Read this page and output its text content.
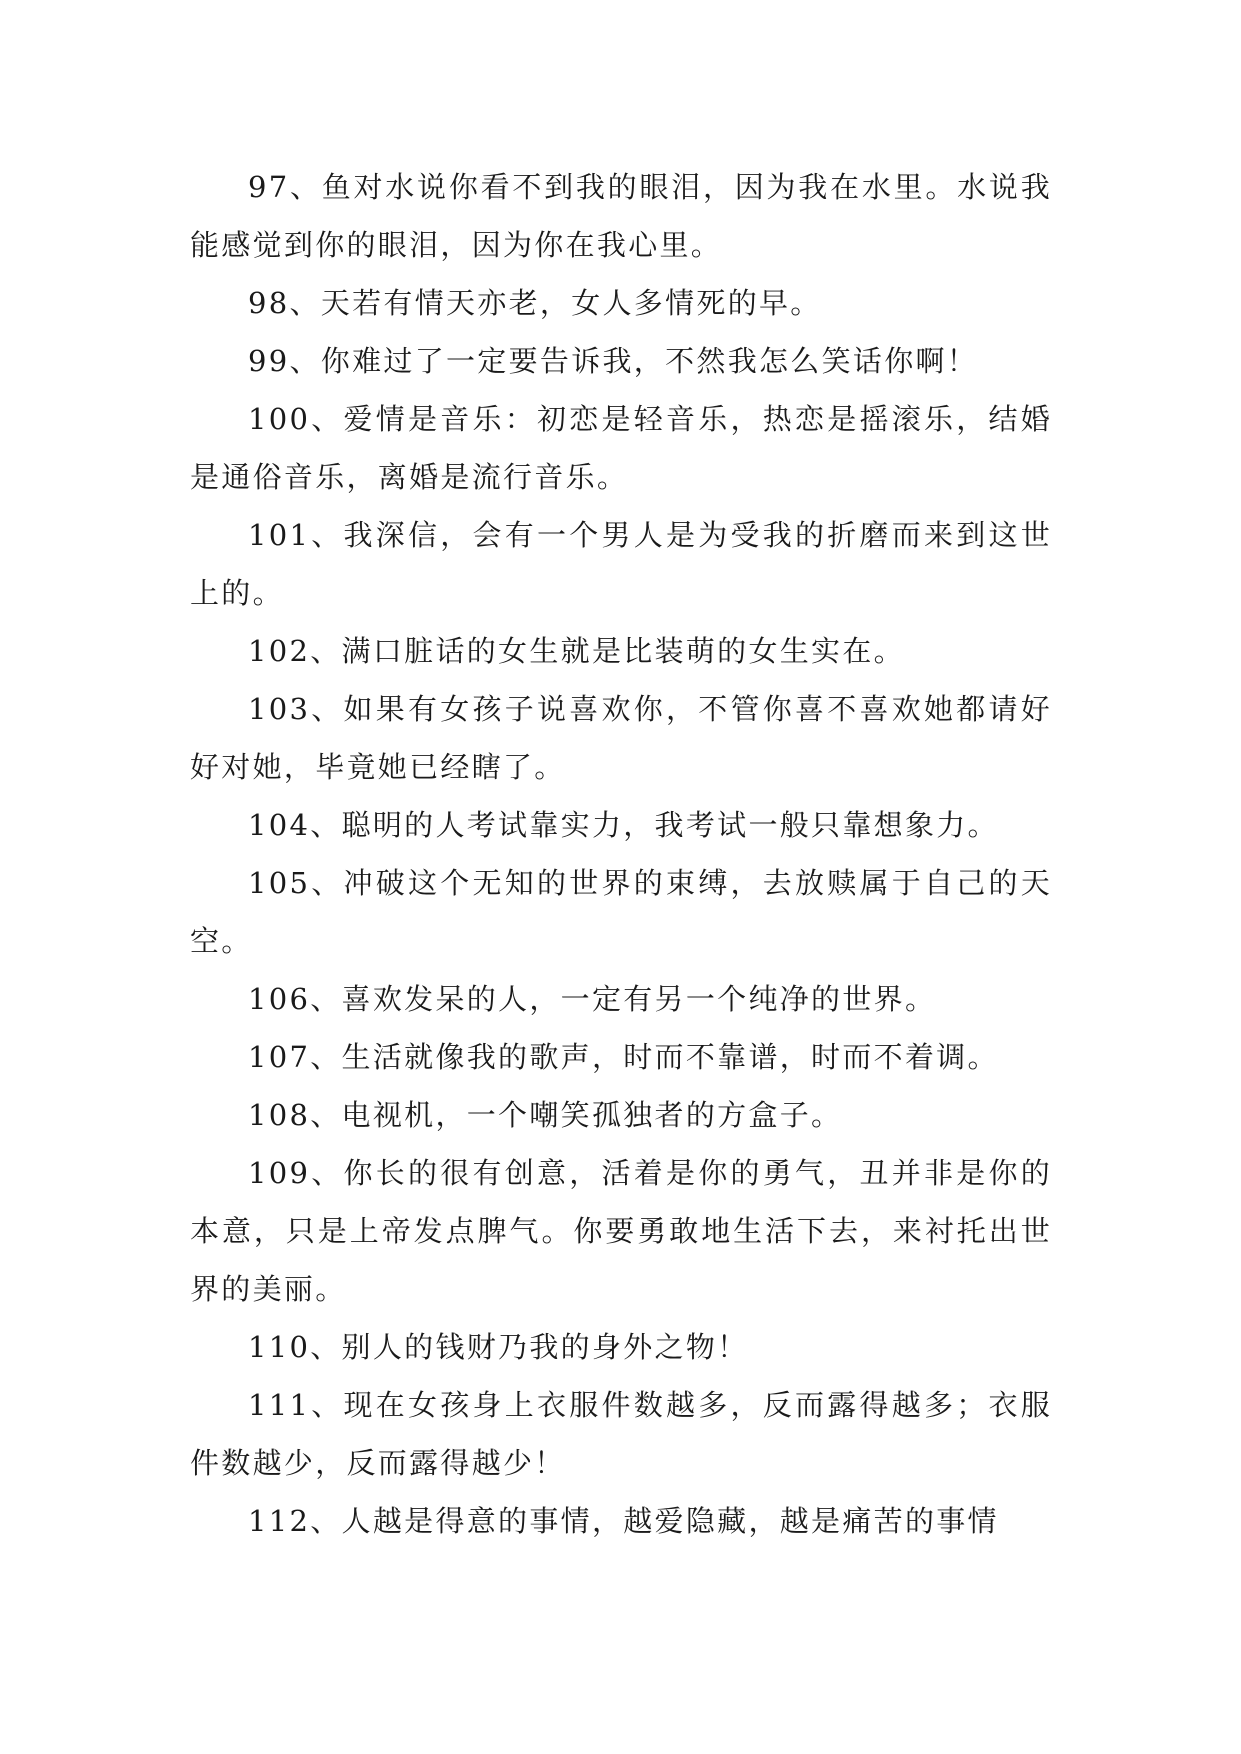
97、鱼对水说你看不到我的眼泪，因为我在水里。水说我能感觉到你的眼泪，因为你在我心里。

98、天若有情天亦老，女人多情死的早。

99、你难过了一定要告诉我，不然我怎么笑话你啊！

100、爱情是音乐：初恋是轻音乐，热恋是摇滚乐，结婚是通俗音乐，离婚是流行音乐。

101、我深信，会有一个男人是为受我的折磨而来到这世上的。

102、满口脏话的女生就是比装萌的女生实在。

103、如果有女孩子说喜欢你，不管你喜不喜欢她都请好好对她，毕竟她已经瞎了。

104、聪明的人考试靠实力，我考试一般只靠想象力。

105、冲破这个无知的世界的束缚，去放赎属于自己的天空。

106、喜欢发呆的人，一定有另一个纯净的世界。

107、生活就像我的歌声，时而不靠谱，时而不着调。

108、电视机，一个嘲笑孤独者的方盒子。

109、你长的很有创意，活着是你的勇气，丑并非是你的本意，只是上帝发点脾气。你要勇敢地生活下去，来衬托出世界的美丽。

110、别人的钱财乃我的身外之物！

111、现在女孩身上衣服件数越多，反而露得越多；衣服件数越少，反而露得越少！

112、人越是得意的事情，越爱隐藏，越是痛苦的事情
